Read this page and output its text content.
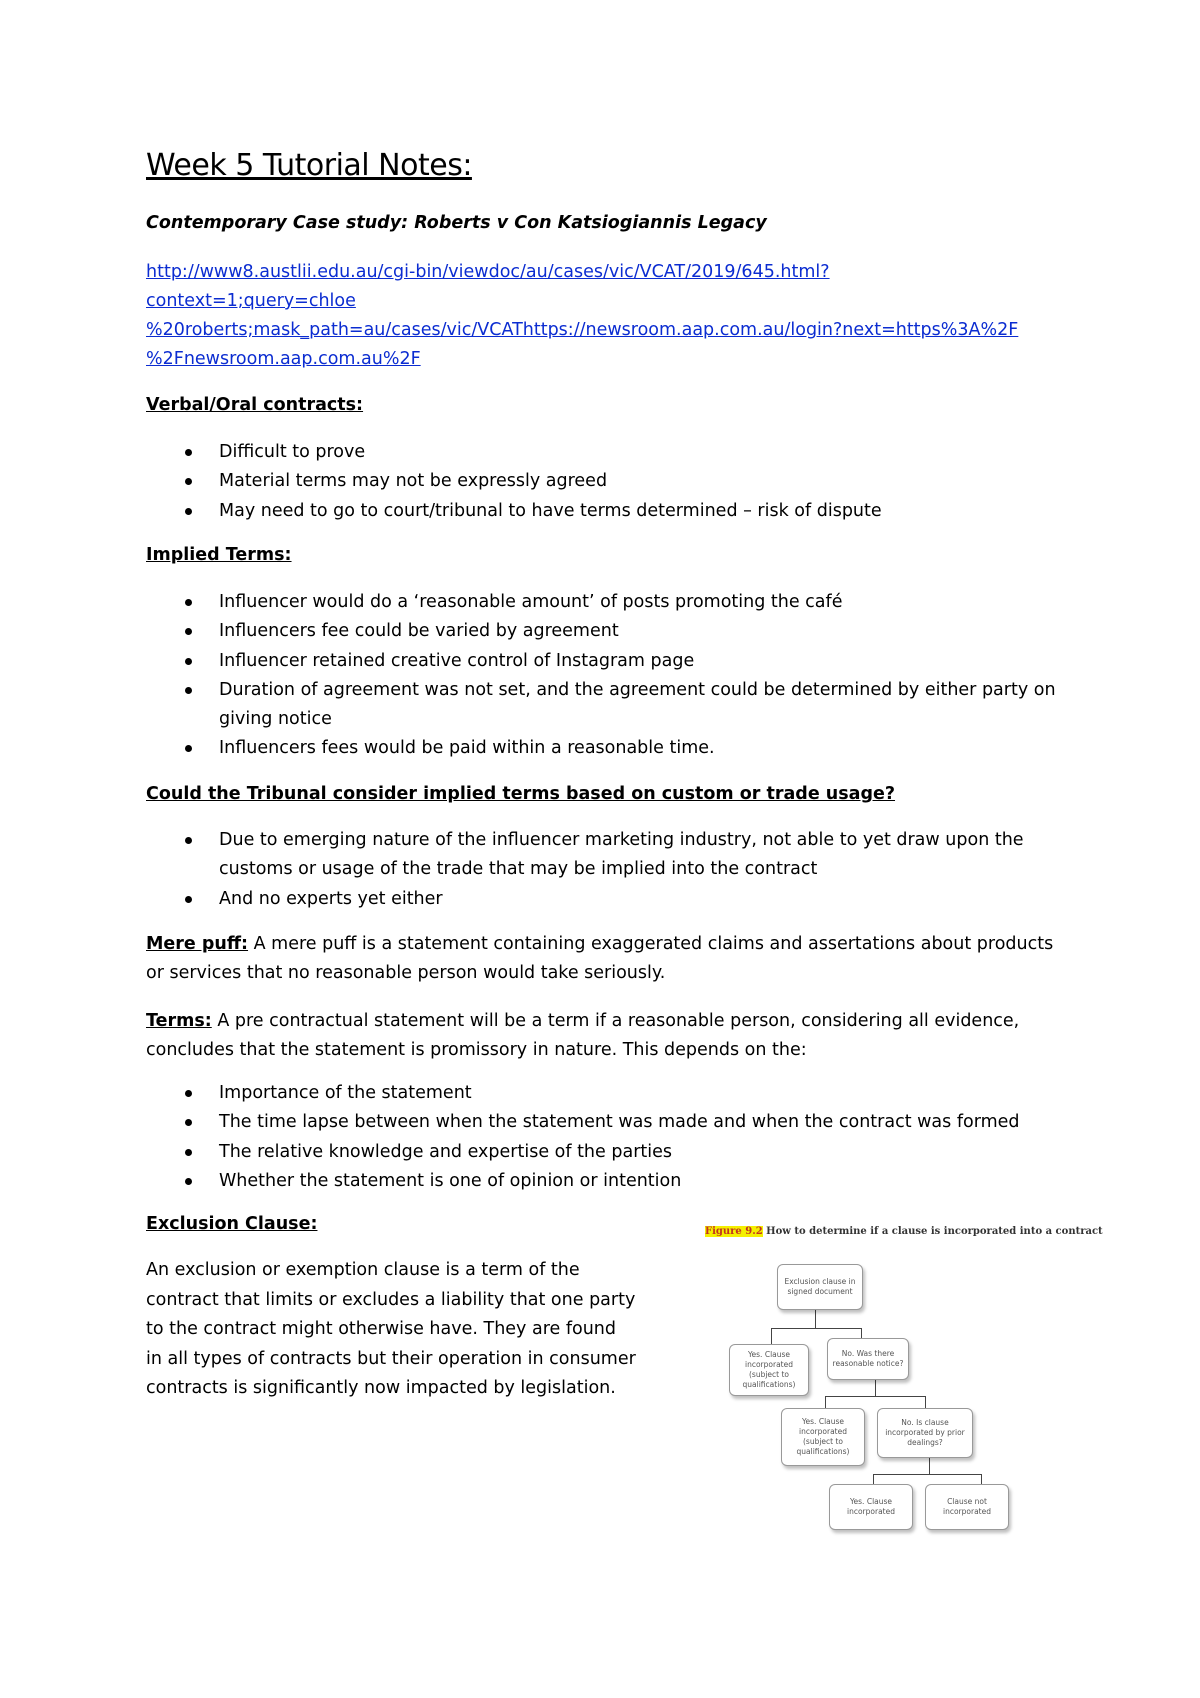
Week 5 Tutorial Notes:
Contemporary Case study: Roberts v Con Katsiogiannis Legacy
http://www8.austlii.edu.au/cgi-bin/viewdoc/au/cases/vic/VCAT/2019/645.html?
context=1;query=chloe
%20roberts;mask_path=au/cases/vic/VCAThttps://newsroom.aap.com.au/login?next=https%3A%2F
%2Fnewsroom.aap.com.au%2F
Verbal/Oral contracts:
Difficult to prove
Material terms may not be expressly agreed
May need to go to court/tribunal to have terms determined – risk of dispute
Implied Terms:
Influencer would do a ‘reasonable amount’ of posts promoting the café
Influencers fee could be varied by agreement
Influencer retained creative control of Instagram page
Duration of agreement was not set, and the agreement could be determined by either party on giving notice
Influencers fees would be paid within a reasonable time.
Could the Tribunal consider implied terms based on custom or trade usage?
Due to emerging nature of the influencer marketing industry, not able to yet draw upon the customs or usage of the trade that may be implied into the contract
And no experts yet either
Mere puff: A mere puff is a statement containing exaggerated claims and assertations about products or services that no reasonable person would take seriously.
Terms: A pre contractual statement will be a term if a reasonable person, considering all evidence, concludes that the statement is promissory in nature. This depends on the:
Importance of the statement
The time lapse between when the statement was made and when the contract was formed
The relative knowledge and expertise of the parties
Whether the statement is one of opinion or intention
Exclusion Clause:
An exclusion or exemption clause is a term of the contract that limits or excludes a liability that one party to the contract might otherwise have. They are found in all types of contracts but their operation in consumer contracts is significantly now impacted by legislation.
Figure 9.2 How to determine if a clause is incorporated into a contract
Exclusion clause in signed document
Yes. Clause incorporated (subject to qualifications)
No. Was there reasonable notice?
Yes. Clause incorporated (subject to qualifications)
No. Is clause incorporated by prior dealings?
Yes. Clause incorporated
Clause not incorporated
